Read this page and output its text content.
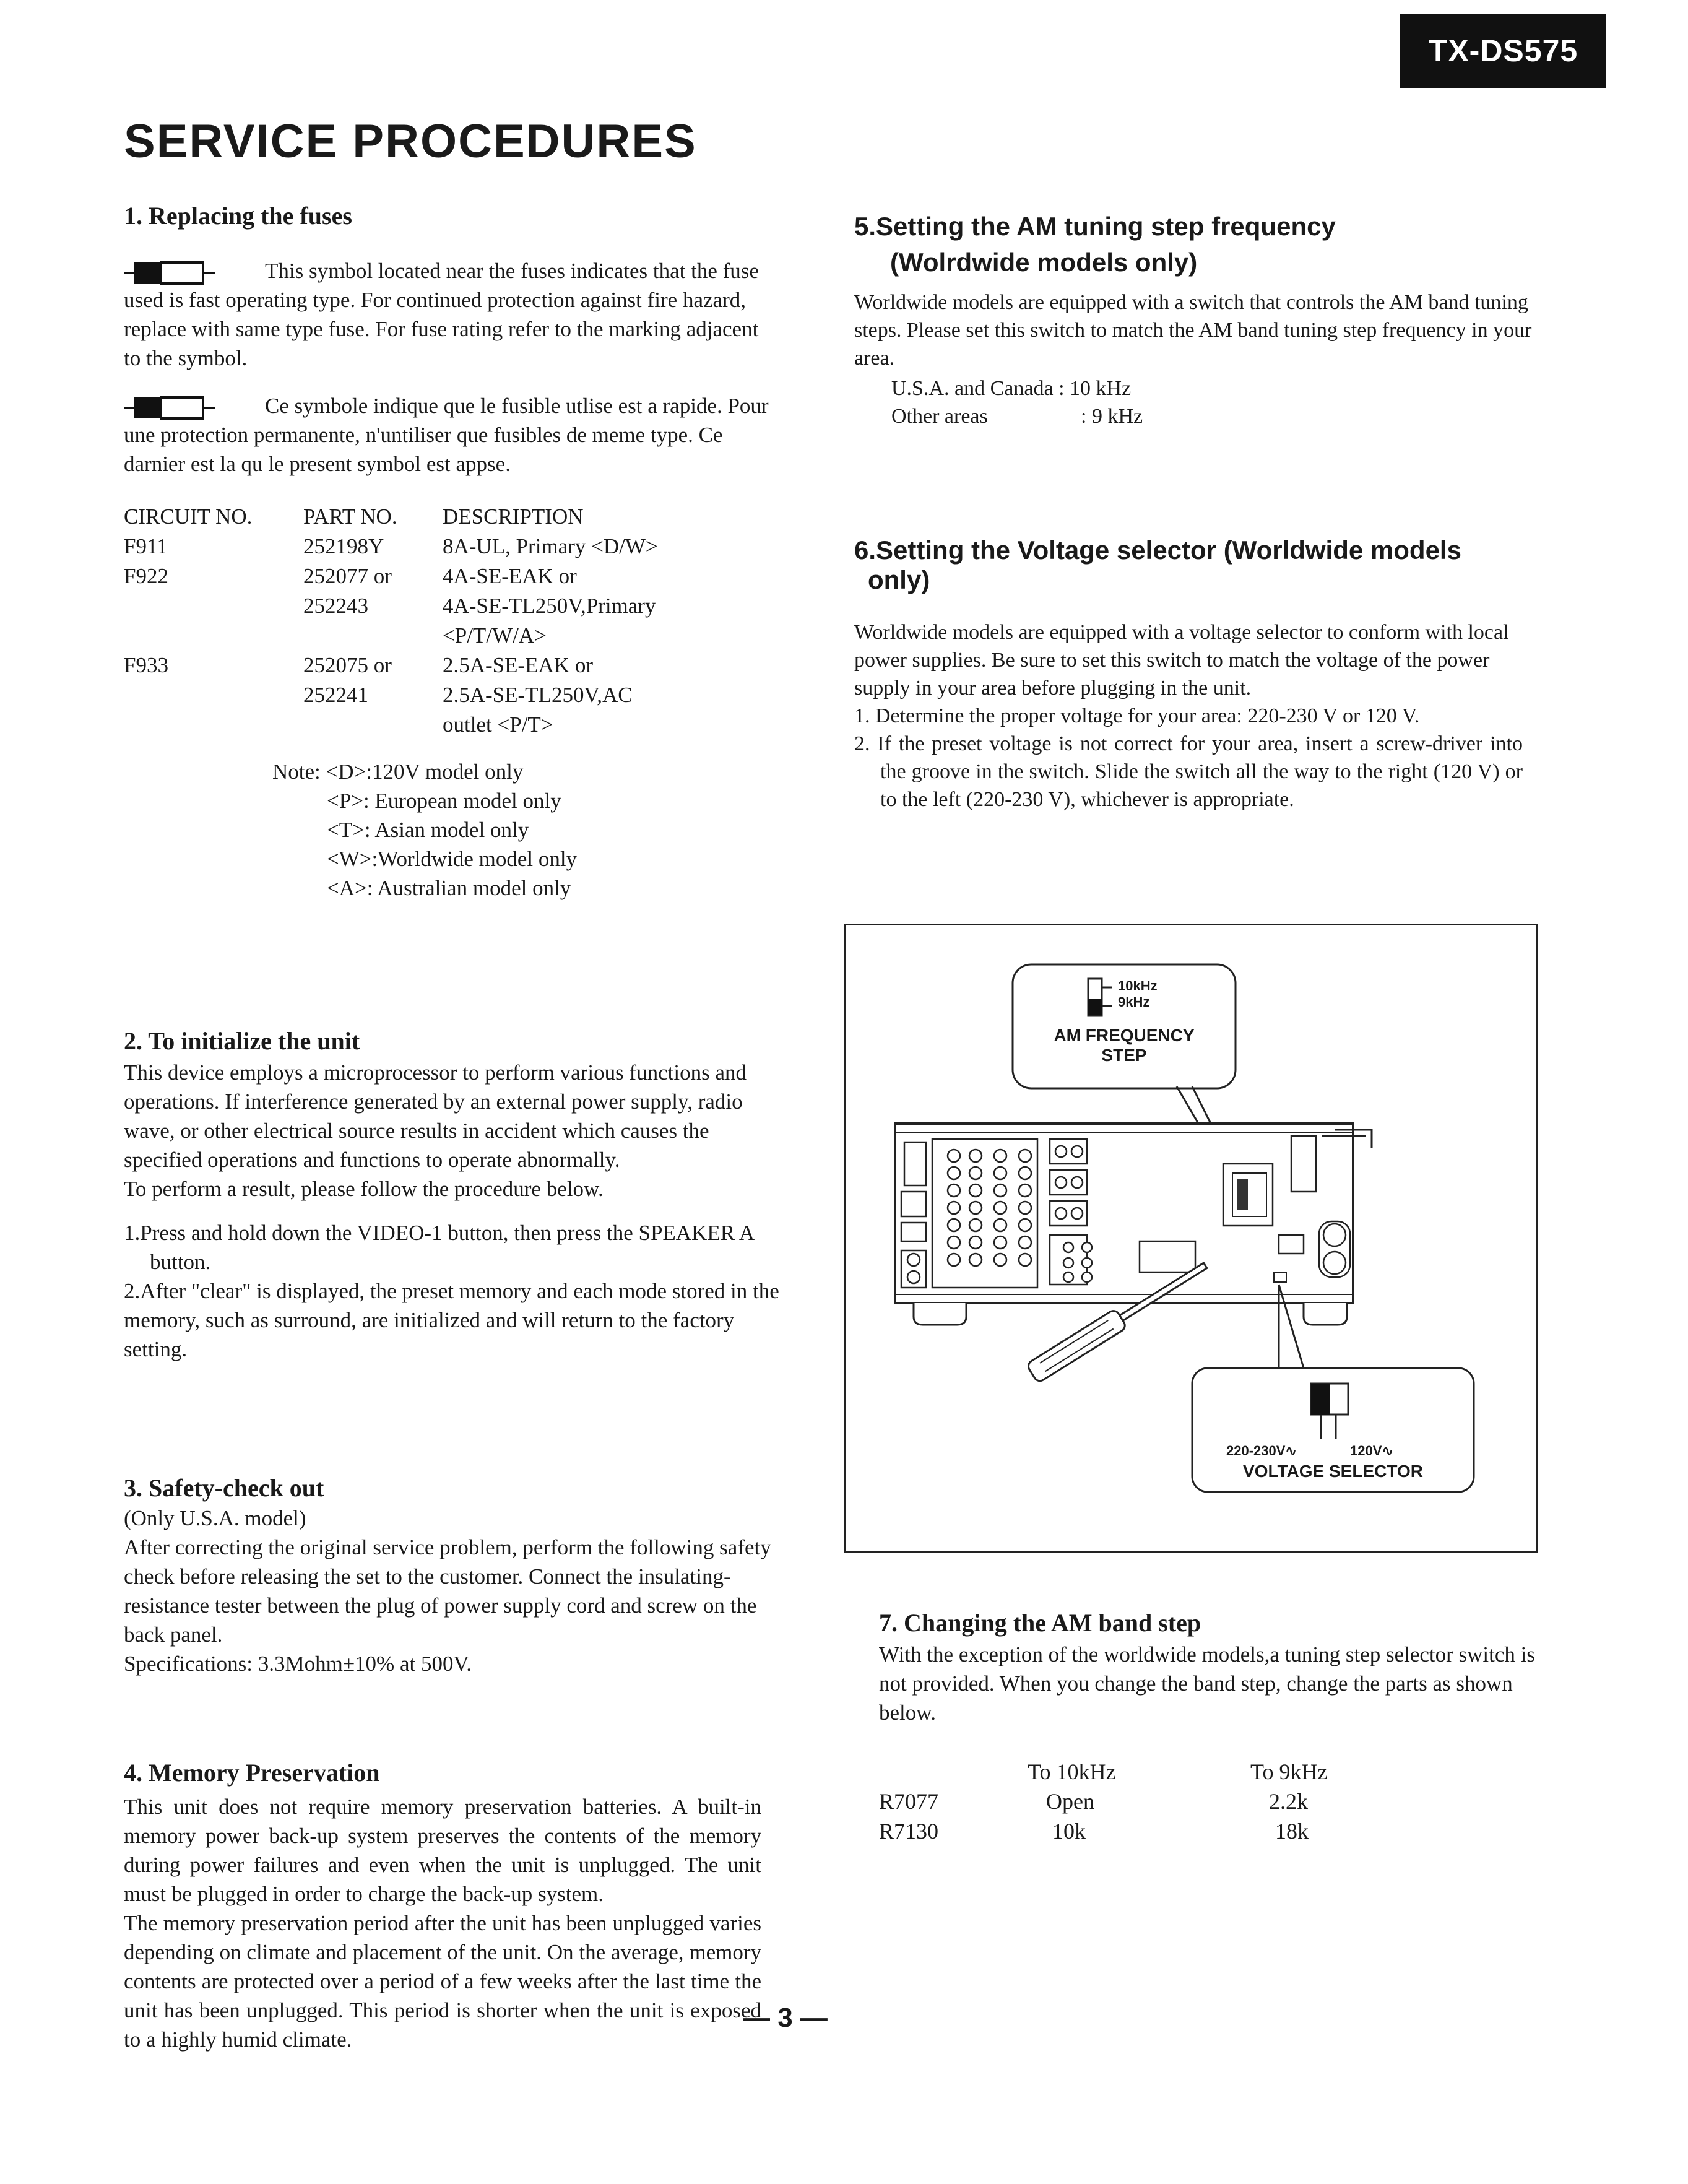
TX-DS575
SERVICE PROCEDURES
1. Replacing the fuses

This symbol located near the fuses indicates that the fuse used is fast operating type. For continued protection against fire hazard, replace with same type fuse. For fuse rating refer to the marking adjacent to the symbol.

Ce symbole indique que le fusible utlise est a rapide. Pour une protection permanente, n'untiliser que fusibles de meme type. Ce darnier est la qu le present symbol est appse.

CIRCUIT NO.	PART NO.	DESCRIPTION
F911	252198Y	8A-UL, Primary <D/W>
F922	252077 or	4A-SE-EAK or
	252243	4A-SE-TL250V,Primary
		<P/T/W/A>
F933	252075 or	2.5A-SE-EAK or
	252241	2.5A-SE-TL250V,AC
		outlet <P/T>
Note: <D>:120V model only
<P>: European model only
<T>: Asian model only
<W>:Worldwide model only
<A>: Australian model only
2. To initialize the unit

This device employs a microprocessor to perform various functions and operations. If interference generated by an external power supply, radio wave, or other electrical source results in accident which causes the specified operations and functions to operate abnormally.

To perform a result, please follow the procedure below.

1.Press and hold down the VIDEO-1 button, then press the SPEAKER A button.

2.After "clear" is displayed, the preset memory and each mode stored in the memory, such as surround, are initialized and will return to the factory setting.

3. Safety-check out

(Only U.S.A. model)

After correcting the original service problem, perform the following safety check before releasing the set to the customer. Connect the insulating-resistance tester between the plug of power supply cord and screw on the back panel.

Specifications: 3.3Mohm±10% at 500V.

4. Memory Preservation

This unit does not require memory preservation batteries. A built-in memory power back-up system preserves the contents of the memory during power failures and even when the unit is unplugged. The unit must be plugged in order to charge the back-up system.

The memory preservation period after the unit has been unplugged varies depending on climate and placement of the unit. On the average, memory contents are protected over a period of a few weeks after the last time the unit has been unplugged. This period is shorter when the unit is exposed to a highly humid climate.

5.Setting the AM tuning step frequency
(Wolrdwide models only)

Worldwide models are equipped with a switch that controls the AM band tuning steps. Please set this switch to match the AM band tuning step frequency in your area.

U.S.A. and Canada : 10 kHz
Other areas	: 9 kHz
6.Setting the Voltage selector (Worldwide models
only)

Worldwide models are equipped with a voltage selector to conform with local power supplies. Be sure to set this switch to match the voltage of the power supply in your area before plugging in the unit.

1. Determine the proper voltage for your area: 220-230 V or 120 V.

2. If the preset voltage is not correct for your area, insert a screw-driver into the groove in the switch. Slide the switch all the way to the right (120 V) or to the left (220-230 V), whichever is appropriate.

10kHz
9kHz
AM FREQUENCY
STEP
220-230V∿	120V∿
VOLTAGE SELECTOR
7. Changing the AM band step

With the exception of the worldwide models,a tuning step selector switch is not provided. When you change the band step, change the parts as shown below.

	To 10kHz	To 9kHz
R7077	Open	2.2k
R7130	10k	18k
— 3 —
